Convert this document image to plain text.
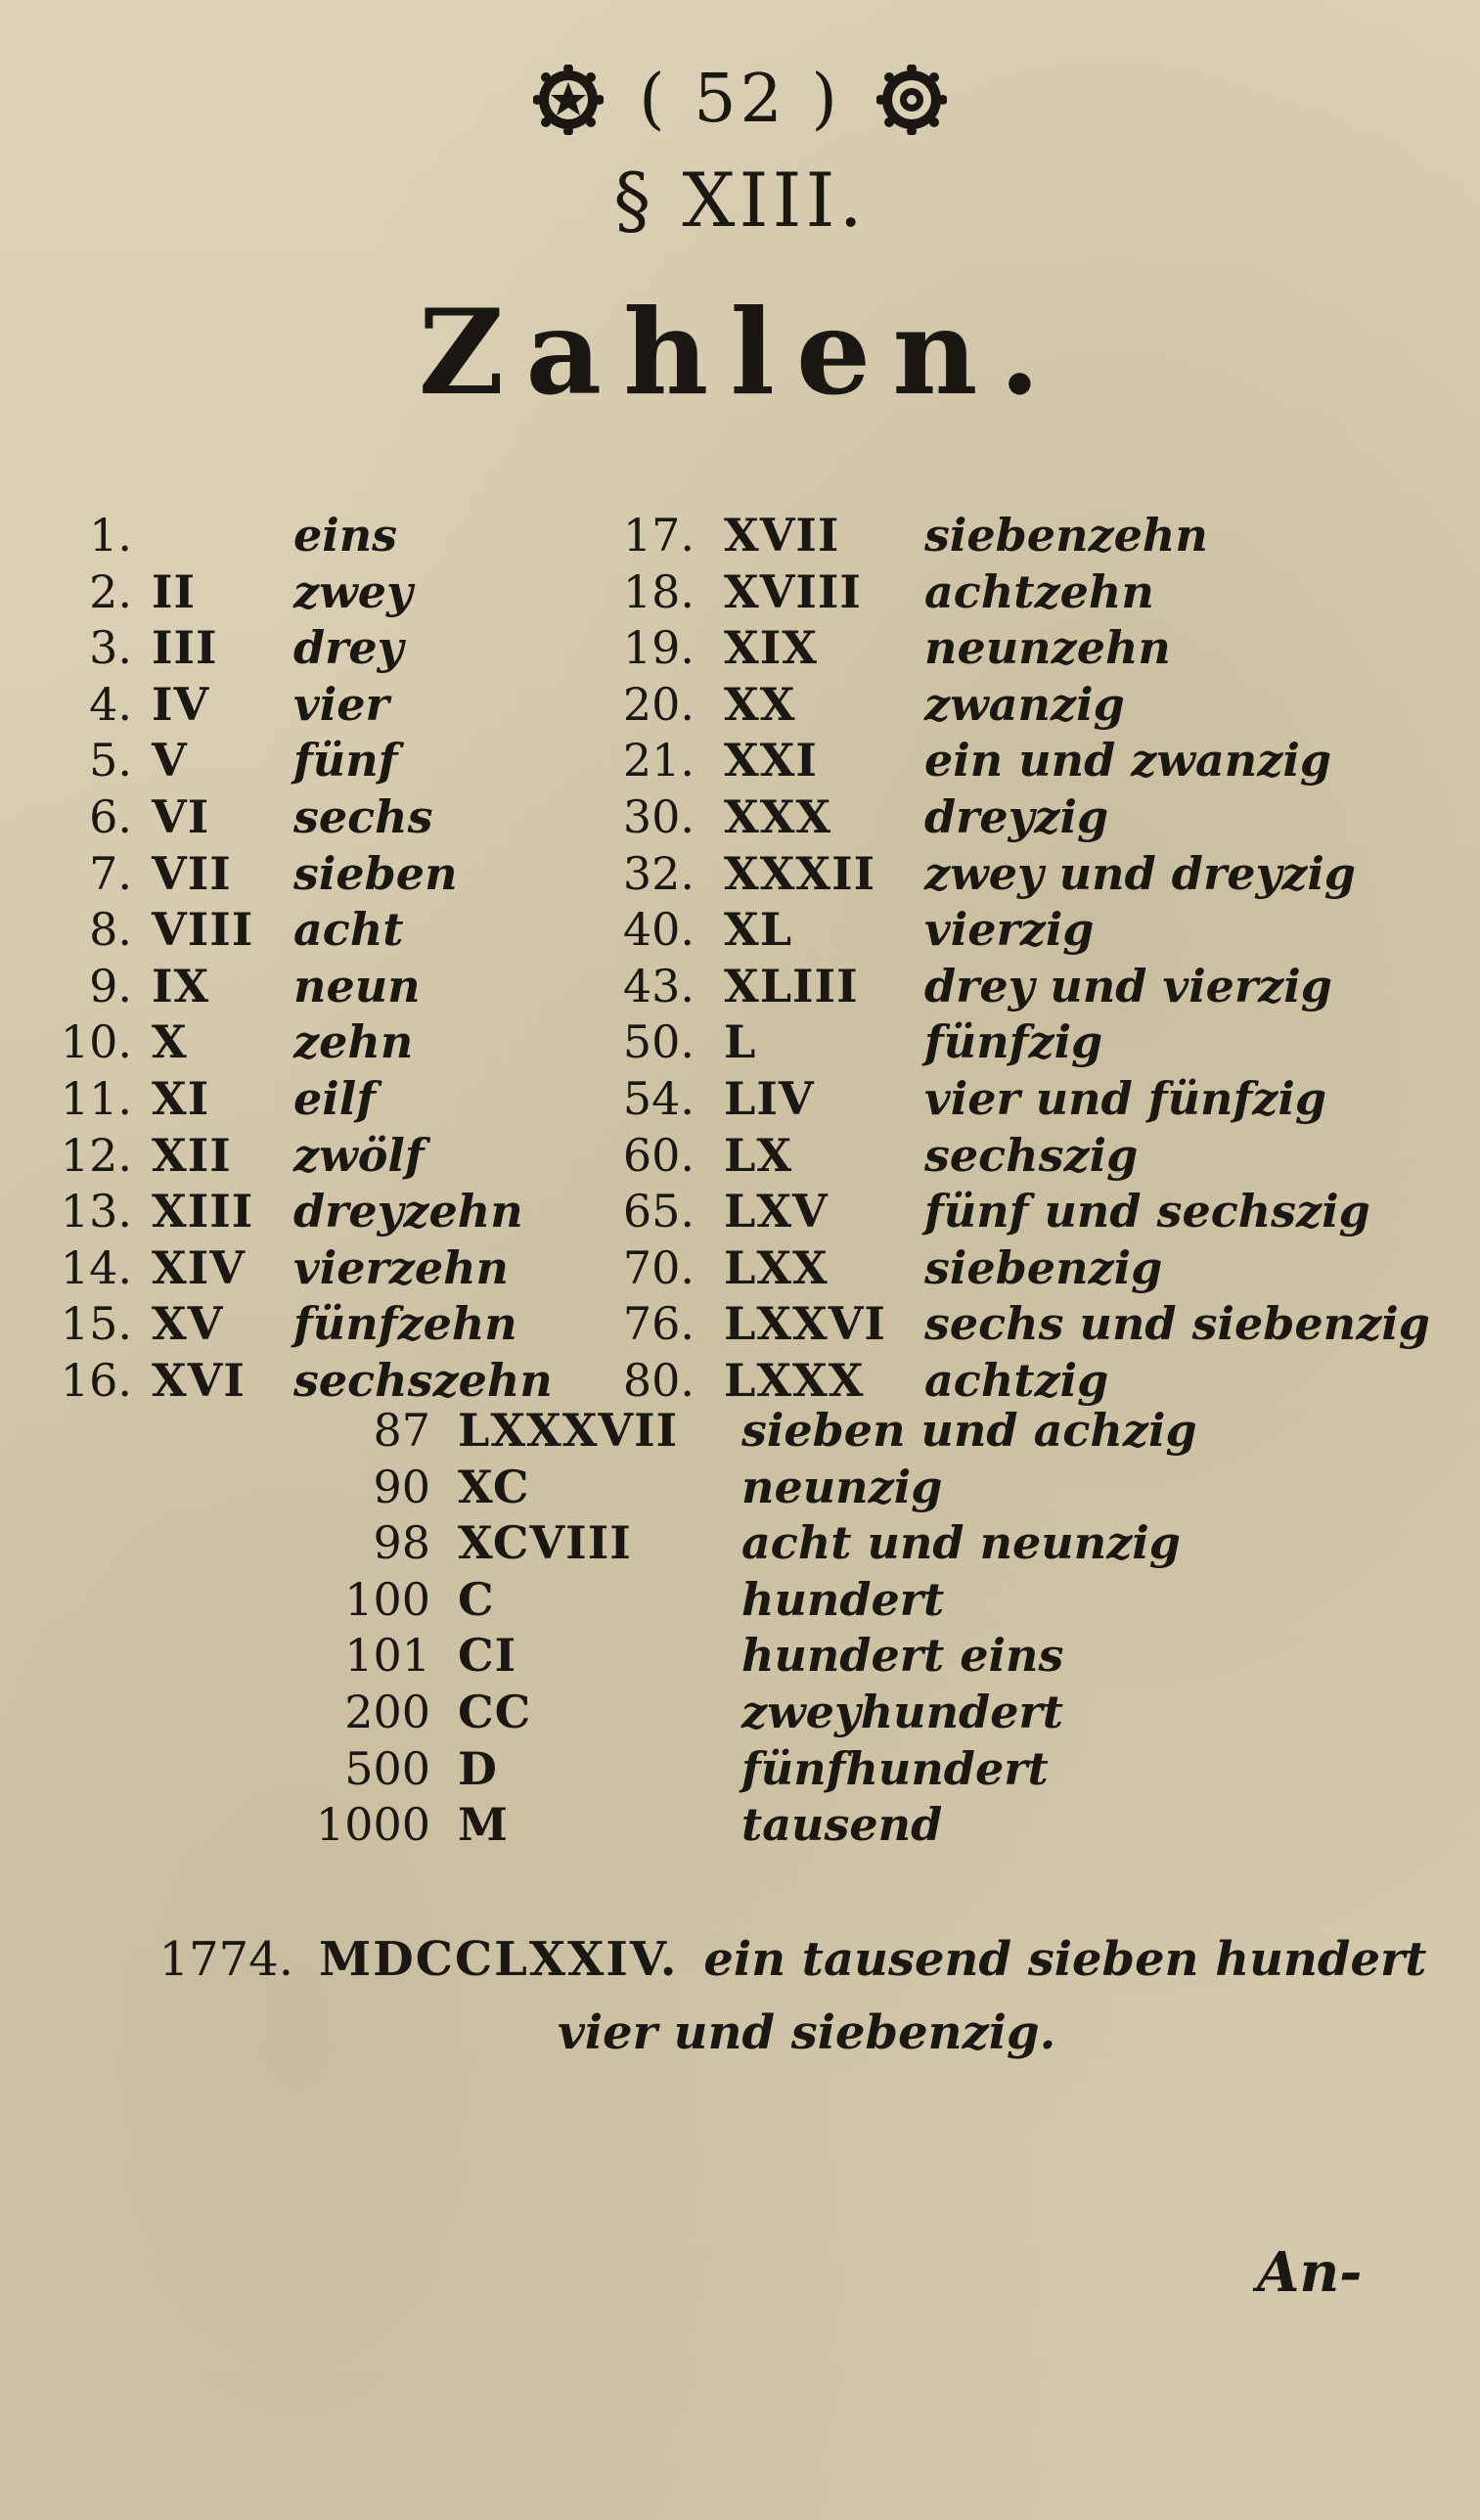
( 52 )
§ XIII.
Zahlen.
1.	eins
2. II	zwey
3. III	drey
4. IV	vier
5. V	fünf
6. VI	sechs
7. VII	sieben
8. VIII acht
9. IX	neun
10. X	zehn
11. XI	eilf
12. XII	zwölf
13. XIII dreyzehn
14. XIV	vierzehn
15. XV	fünfzehn
16. XVI	sechszehn
17. XVII	siebenzehn
18. XVIII	achtzehn
19. XIX	neunzehn
20. XX	zwanzig
21. XXI	ein und zwanzig
30. XXX	dreyzig
32. XXXII	zwey und dreyzig
40. XL	vierzig
43. XLIII	drey und vierzig
50. L	fünfzig
54. LIV	vier und fünfzig
60. LX	sechszig
65. LXV	fünf und sechszig
70. LXX	siebenzig
76. LXXVI sechs und siebenzig
80. LXXX	achtzig
87 LXXXVII	sieben und achzig
90 XC	neunzig
98 XCVIII	acht und neunzig
100 C	hundert
101 CI	hundert eins
200 CC	zweyhundert
500 D	fünfhundert
1000 M	tausend
1774. MDCCLXXIV. ein tausend sieben hundert
vier und siebenzig.
An-
